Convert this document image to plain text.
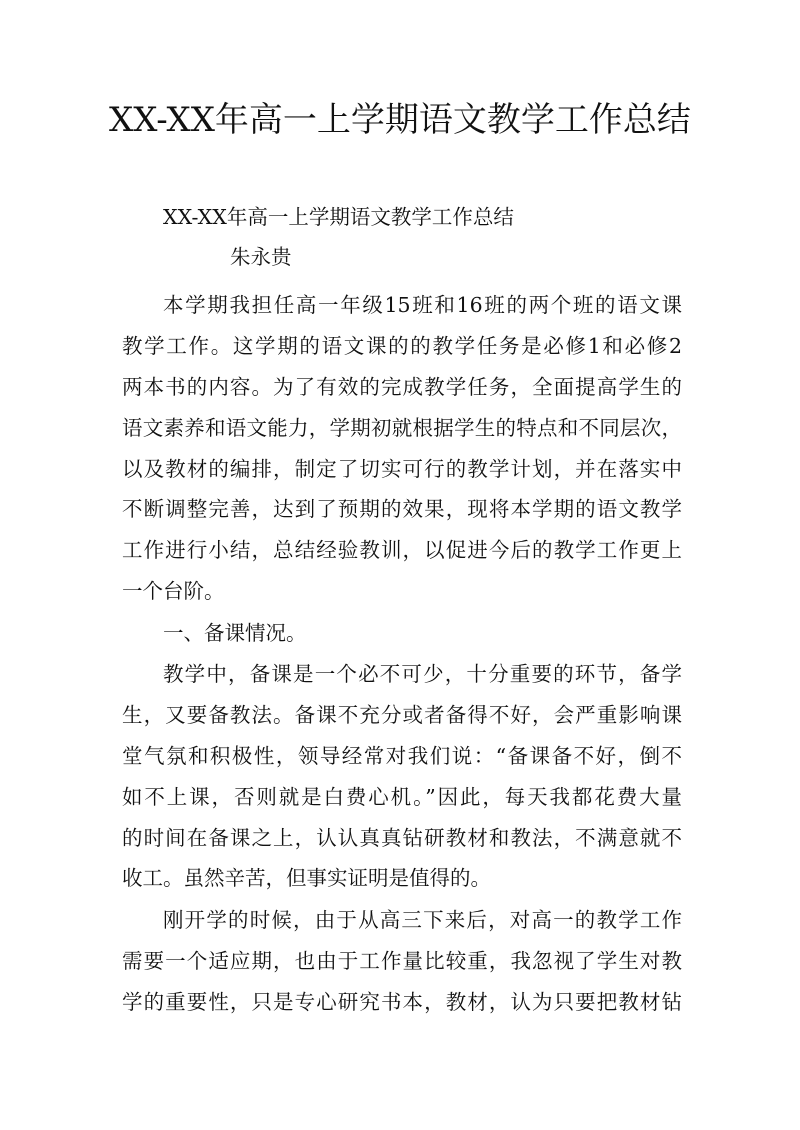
XX-XX年高一上学期语文教学工作总结
XX-XX年高一上学期语文教学工作总结
朱永贵
本学期我担任高一年级15班和16班的两个班的语文课
教学工作。这学期的语文课的的教学任务是必修1和必修2
两本书的内容。为了有效的完成教学任务，全面提高学生的
语文素养和语文能力，学期初就根据学生的特点和不同层次，
以及教材的编排，制定了切实可行的教学计划，并在落实中
不断调整完善，达到了预期的效果，现将本学期的语文教学
工作进行小结，总结经验教训，以促进今后的教学工作更上
一个台阶。
一、备课情况。
教学中，备课是一个必不可少，十分重要的环节，备学
生，又要备教法。备课不充分或者备得不好，会严重影响课
堂气氛和积极性，领导经常对我们说：“备课备不好，倒不
如不上课，否则就是白费心机。”因此，每天我都花费大量
的时间在备课之上，认认真真钻研教材和教法，不满意就不
收工。虽然辛苦，但事实证明是值得的。
刚开学的时候，由于从高三下来后，对高一的教学工作
需要一个适应期，也由于工作量比较重，我忽视了学生对教
学的重要性，只是专心研究书本，教材，认为只要把教材钻
